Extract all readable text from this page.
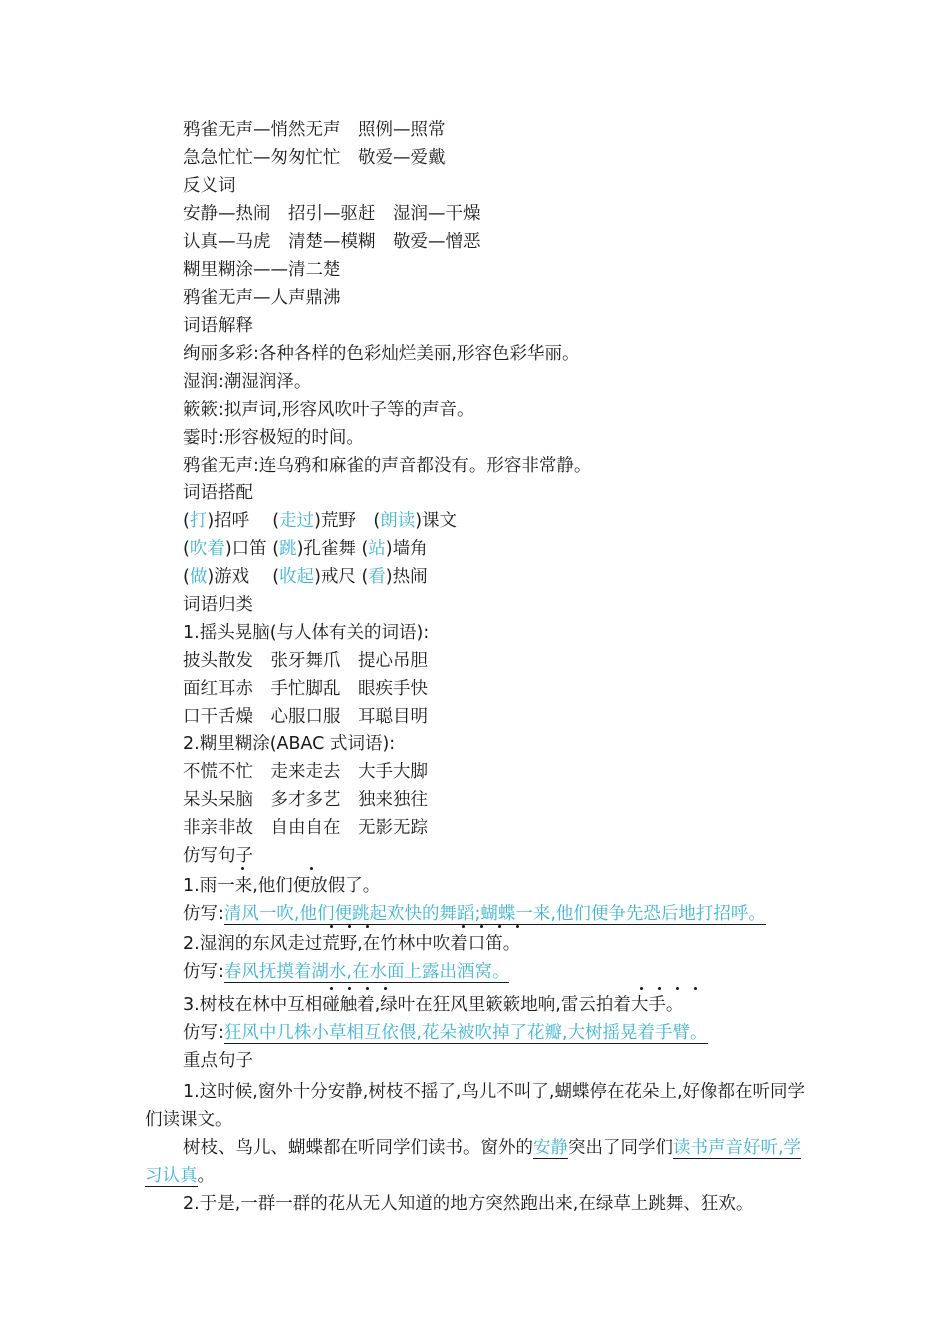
鸦雀无声—悄然无声　照例—照常
急急忙忙—匆匆忙忙　敬爱—爱戴
反义词
安静—热闹　招引—驱赶　湿润—干燥
认真—马虎　清楚—模糊　敬爱—憎恶
糊里糊涂——清二楚
鸦雀无声—人声鼎沸
词语解释
绚丽多彩:各种各样的色彩灿烂美丽,形容色彩华丽。
湿润:潮湿润泽。
簌簌:拟声词,形容风吹叶子等的声音。
霎时:形容极短的时间。
鸦雀无声:连乌鸦和麻雀的声音都没有。形容非常静。
词语搭配
(打)招呼　 (走过)荒野　 (朗读)课文
(吹着)口笛 (跳)孔雀舞 (站)墙角
(做)游戏　 (收起)戒尺 (看)热闹
词语归类
1.摇头晃脑(与人体有关的词语):
披头散发　张牙舞爪　提心吊胆
面红耳赤　手忙脚乱　眼疾手快
口干舌燥　心服口服　耳聪目明
2.糊里糊涂(ABAC 式词语):
不慌不忙　走来走去　大手大脚
呆头呆脑　多才多艺　独来独往
非亲非故　自由自在　无影无踪
仿写句子
1.雨一来,他们便放假了。
仿写:清风一吹,他们便跳起欢快的舞蹈;蝴蝶一来,他们便争先恐后地打招呼。
2.湿润的东风走过荒野,在竹林中吹着口笛。
仿写:春风抚摸着湖水,在水面上露出酒窝。
3.树枝在林中互相碰触着,绿叶在狂风里簌簌地响,雷云拍着大手。
仿写:狂风中几株小草相互依偎,花朵被吹掉了花瓣,大树摇晃着手臂。
重点句子
1.这时候,窗外十分安静,树枝不摇了,鸟儿不叫了,蝴蝶停在花朵上,好像都在听同学们读课文。
树枝、鸟儿、蝴蝶都在听同学们读书。窗外的安静突出了同学们读书声音好听,学习认真。
2.于是,一群一群的花从无人知道的地方突然跑出来,在绿草上跳舞、狂欢。
